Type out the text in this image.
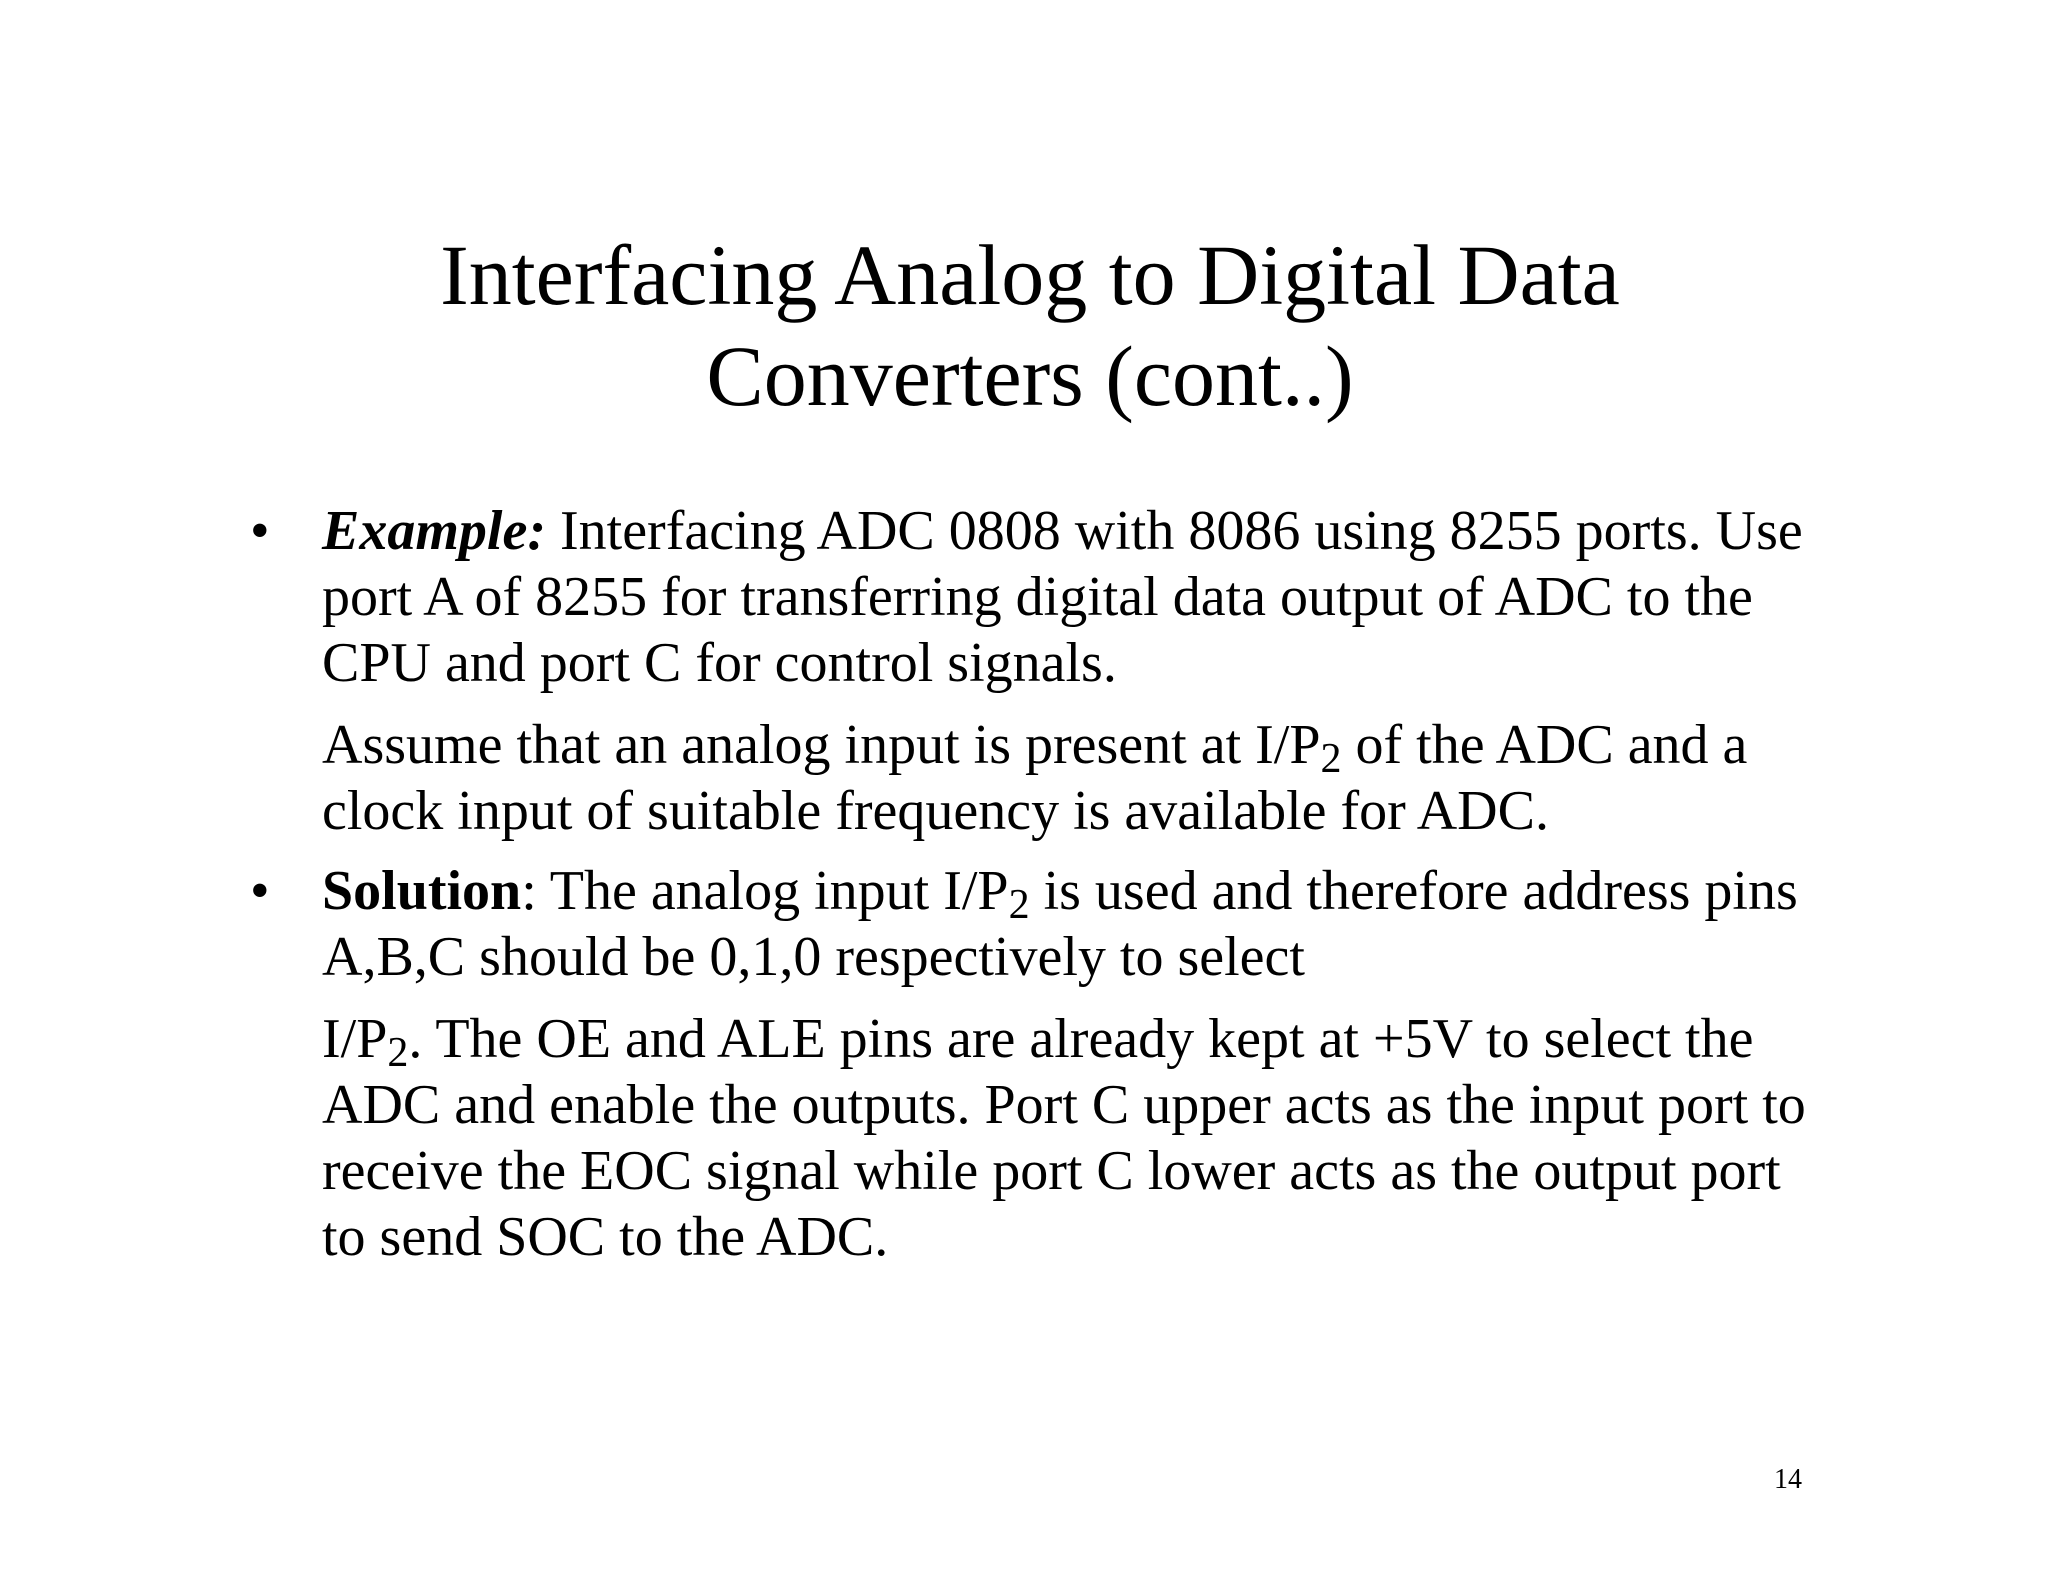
Interfacing Analog to Digital Data
Converters (cont..)
• Example: Interfacing ADC 0808 with 8086 using 8255 ports. Use port A of 8255 for transferring digital data output of ADC to the CPU and port C for control signals.
Assume that an analog input is present at $I/P_2$ of the ADC and a clock input of suitable frequency is available for ADC.
• Solution: The analog input $I/P_2$ is used and therefore address pins A,B,C should be 0,1,0 respectively to select
$I/P_2$. The OE and ALE pins are already kept at +5V to select the ADC and enable the outputs. Port C upper acts as the input port to receive the EOC signal while port C lower acts as the output port to send SOC to the ADC.
14
